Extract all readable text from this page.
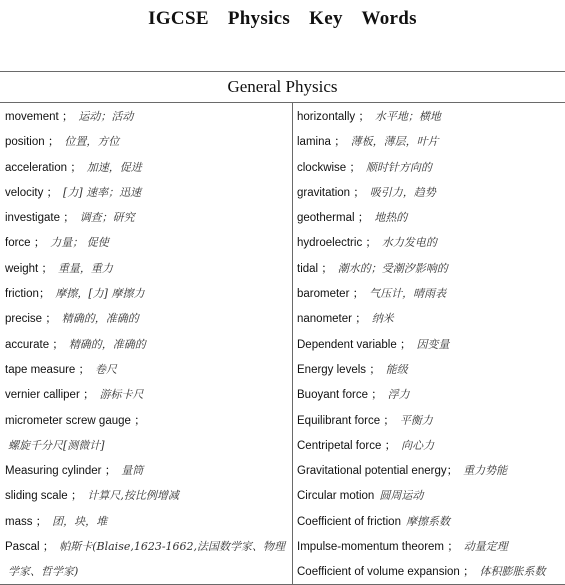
IGCSE Physics Key Words
General Physics
movement ； 运动；活动
position ； 位置，方位
acceleration ； 加速，促进
velocity ； [力] 速率；迅速
investigate ； 调查；研究
force ； 力量； 促使
weight ； 重量，重力
friction； 摩擦，[力] 摩擦力
precise ； 精确的，准确的
accurate ； 精确的，准确的
tape measure ； 卷尺
vernier calliper ； 游标卡尺
micrometer screw gauge ；
螺旋千分尺[测微计]
Measuring cylinder ； 量筒
sliding scale ； 计算尺,按比例增减
mass ； 团，块，堆
Pascal ； 帕斯卡(Blaise,1623-1662,法国数学家、物理
学家、哲学家)
horizontally ； 水平地；横地
lamina ； 薄板，薄层，叶片
clockwise ； 顺时针方向的
gravitation ； 吸引力，趋势
geothermal ； 地热的
hydroelectric ； 水力发电的
tidal ； 潮水的；受潮汐影响的
barometer ； 气压计，晴雨表
nanometer ； 纳米
Dependent variable ； 因变量
Energy levels ； 能级
Buoyant force ； 浮力
Equilibrant force ； 平衡力
Centripetal force ； 向心力
Gravitational potential energy； 重力势能
Circular motion 圆周运动
Coefficient of friction 摩擦系数
Impulse-momentum theorem ； 动量定理
Coefficient of volume expansion ； 体积膨胀系数
